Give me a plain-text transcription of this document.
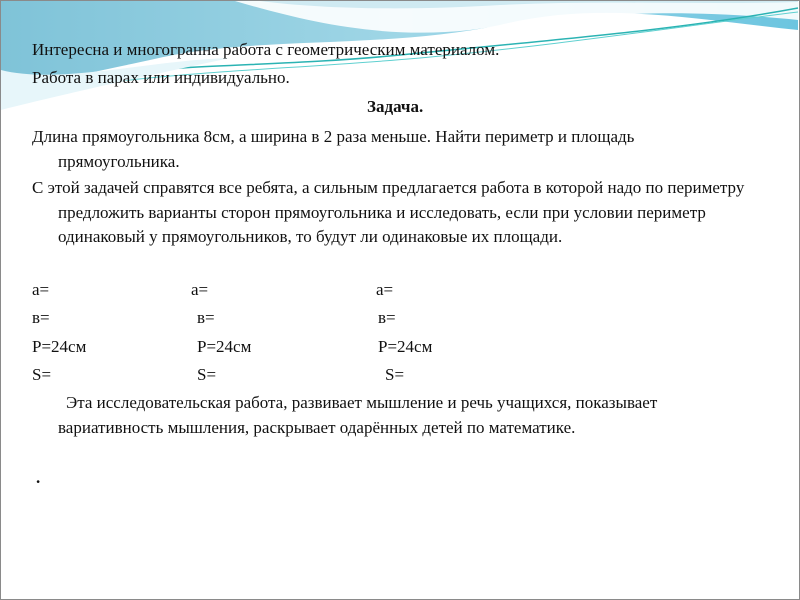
Интересна и многогранна работа с геометрическим материалом.
Работа в парах или индивидуально.
Задача.
Длина прямоугольника 8см, а ширина в 2 раза меньше. Найти периметр и площадь прямоугольника.
С этой задачей справятся все ребята, а сильным предлагается работа в которой надо по периметру предложить варианты сторон прямоугольника и исследовать, если при условии периметр одинаковый у прямоугольников, то будут ли одинаковые их площади.
а=
в=
Р=24см
S=
а=
в=
Р=24см
S=
а=
в=
Р=24см
S=
Эта исследовательская работа, развивает мышление и речь учащихся, показывает вариативность мышления, раскрывает одарённых детей по математике.
.
